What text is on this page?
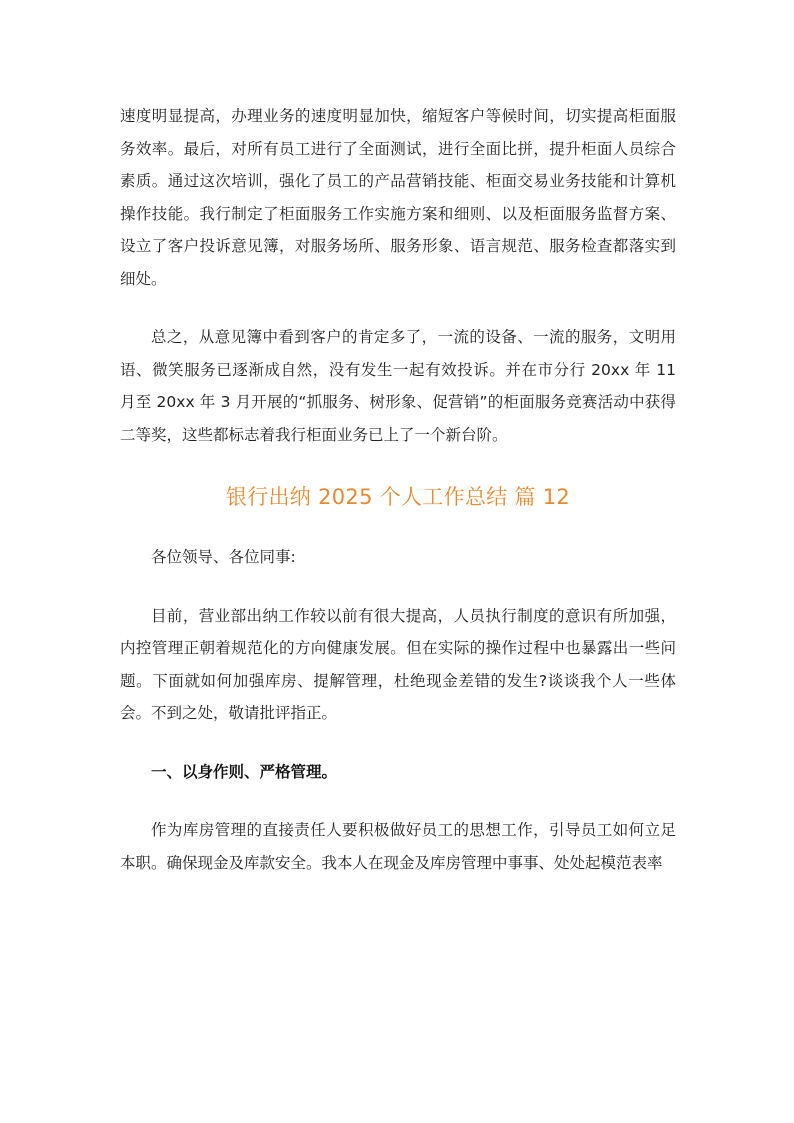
速度明显提高，办理业务的速度明显加快，缩短客户等候时间，切实提高柜面服务效率。最后，对所有员工进行了全面测试，进行全面比拼，提升柜面人员综合素质。通过这次培训，强化了员工的产品营销技能、柜面交易业务技能和计算机操作技能。我行制定了柜面服务工作实施方案和细则、以及柜面服务监督方案、设立了客户投诉意见簿，对服务场所、服务形象、语言规范、服务检查都落实到细处。

总之，从意见簿中看到客户的肯定多了，一流的设备、一流的服务，文明用语、微笑服务已逐渐成自然，没有发生一起有效投诉。并在市分行 20xx 年 11 月至 20xx 年 3 月开展的“抓服务、树形象、促营销”的柜面服务竞赛活动中获得二等奖，这些都标志着我行柜面业务已上了一个新台阶。

银行出纳 2025 个人工作总结 篇 12

各位领导、各位同事:

目前，营业部出纳工作较以前有很大提高，人员执行制度的意识有所加强，内控管理正朝着规范化的方向健康发展。但在实际的操作过程中也暴露出一些问题。下面就如何加强库房、提解管理，杜绝现金差错的发生?谈谈我个人一些体会。不到之处，敬请批评指正。

一、以身作则、严格管理。

作为库房管理的直接责任人要积极做好员工的思想工作，引导员工如何立足本职。确保现金及库款安全。我本人在现金及库房管理中事事、处处起模范表率
